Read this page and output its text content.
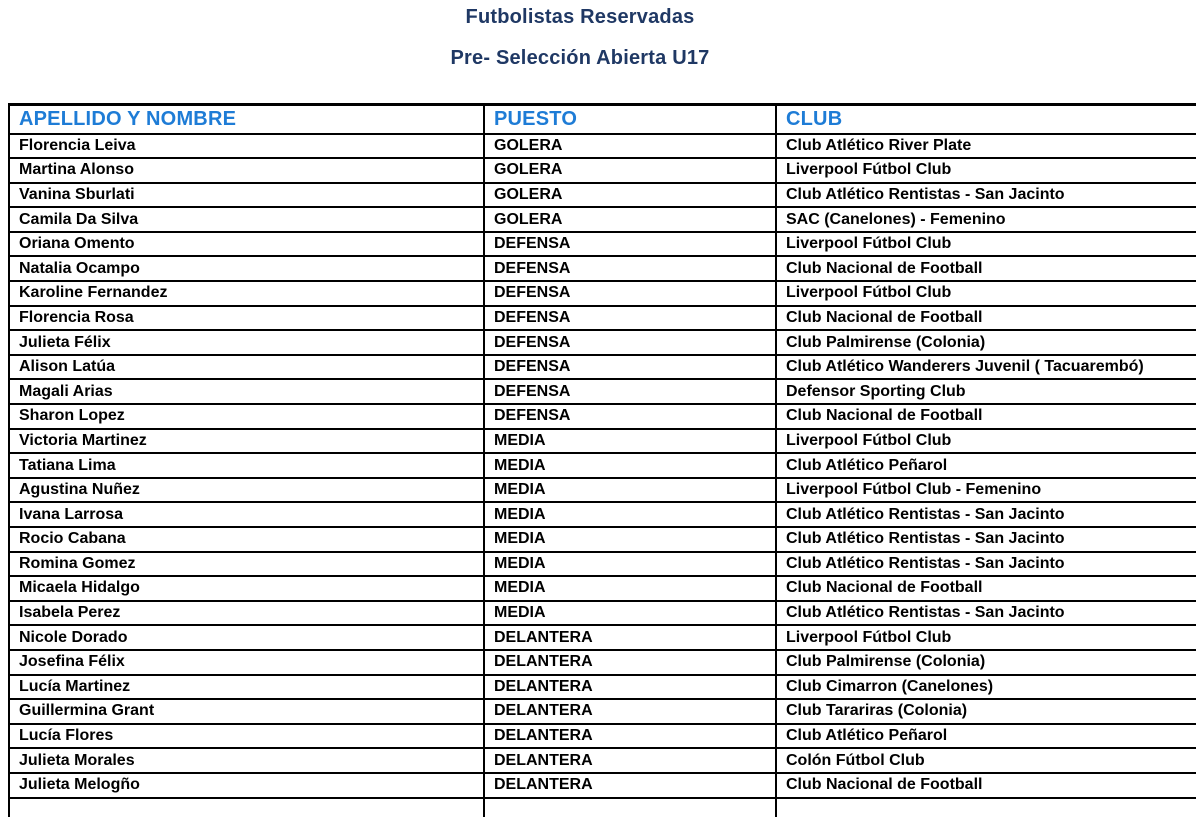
Futbolistas Reservadas
Pre- Selección Abierta U17
APELLIDO Y NOMBRE	PUESTO	CLUB
Florencia Leiva	GOLERA	Club Atlético River Plate
Martina Alonso	GOLERA	Liverpool Fútbol Club
Vanina Sburlati	GOLERA	Club Atlético Rentistas - San Jacinto
Camila Da Silva	GOLERA	SAC (Canelones) - Femenino
Oriana Omento	DEFENSA	Liverpool Fútbol Club
Natalia Ocampo	DEFENSA	Club Nacional de Football
Karoline Fernandez	DEFENSA	Liverpool Fútbol Club
Florencia Rosa	DEFENSA	Club Nacional de Football
Julieta Félix	DEFENSA	Club Palmirense (Colonia)
Alison Latúa	DEFENSA	Club Atlético Wanderers Juvenil ( Tacuarembó)
Magali Arias	DEFENSA	Defensor Sporting Club
Sharon Lopez	DEFENSA	Club Nacional de Football
Victoria Martinez	MEDIA	Liverpool Fútbol Club
Tatiana Lima	MEDIA	Club Atlético Peñarol
Agustina Nuñez	MEDIA	Liverpool Fútbol Club - Femenino
Ivana Larrosa	MEDIA	Club Atlético Rentistas - San Jacinto
Rocio Cabana	MEDIA	Club Atlético Rentistas - San Jacinto
Romina Gomez	MEDIA	Club Atlético Rentistas - San Jacinto
Micaela Hidalgo	MEDIA	Club Nacional de Football
Isabela Perez	MEDIA	Club Atlético Rentistas - San Jacinto
Nicole Dorado	DELANTERA	Liverpool Fútbol Club
Josefina Félix	DELANTERA	Club Palmirense (Colonia)
Lucía Martinez	DELANTERA	Club Cimarron (Canelones)
Guillermina Grant	DELANTERA	Club Tarariras (Colonia)
Lucía Flores	DELANTERA	Club Atlético Peñarol
Julieta Morales	DELANTERA	Colón Fútbol Club
Julieta Melogño	DELANTERA	Club Nacional de Football
